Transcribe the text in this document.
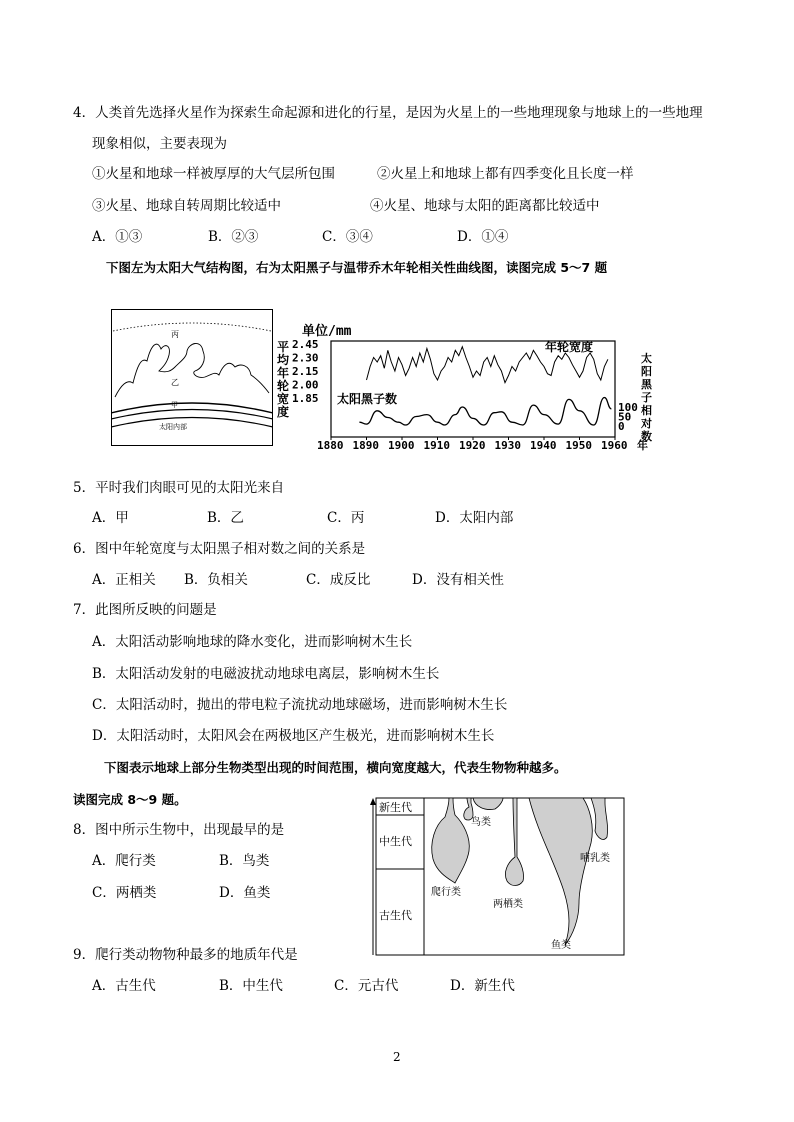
4．人类首先选择火星作为探索生命起源和进化的行星，是因为火星上的一些地理现象与地球上的一些地理
现象相似，主要表现为
①火星和地球一样被厚厚的大气层所包围	②火星上和地球上都有四季变化且长度一样
③火星、地球自转周期比较适中	④火星、地球与太阳的距离都比较适中
A．①③	B．②③	C．③④	D．①④
下图左为太阳大气结构图，右为太阳黑子与温带乔木年轮相关性曲线图，读图完成 5～7 题
丙
乙
甲
太阳内部
单位/mm
平
均
年
轮
宽
度
太
阳
黑
子
相
对
数
2.45
2.30
2.15
2.00
1.85
100
50
0
1880 1890 1900 1910 1920 1930 1940 1950 1960 年
年轮宽度
太阳黑子数
5．平时我们肉眼可见的太阳光来自
A．甲	B．乙	C．丙	D．太阳内部
6．图中年轮宽度与太阳黑子相对数之间的关系是
A．正相关 B．负相关	C．成反比	D．没有相关性
7．此图所反映的问题是
A．太阳活动影响地球的降水变化，进而影响树木生长
B．太阳活动发射的电磁波扰动地球电离层，影响树木生长
C．太阳活动时，抛出的带电粒子流扰动地球磁场，进而影响树木生长
D．太阳活动时，太阳风会在两极地区产生极光，进而影响树木生长
下图表示地球上部分生物类型出现的时间范围，横向宽度越大，代表生物物种越多。
读图完成 8～9 题。
新生代
中生代
古生代
鸟类
哺乳类
爬行类
两栖类
鱼类
8．图中所示生物中，出现最早的是
A．爬行类	B．鸟类
C．两栖类	D．鱼类
9．爬行类动物物种最多的地质年代是
A．古生代	B．中生代	C．元古代	D．新生代
2
